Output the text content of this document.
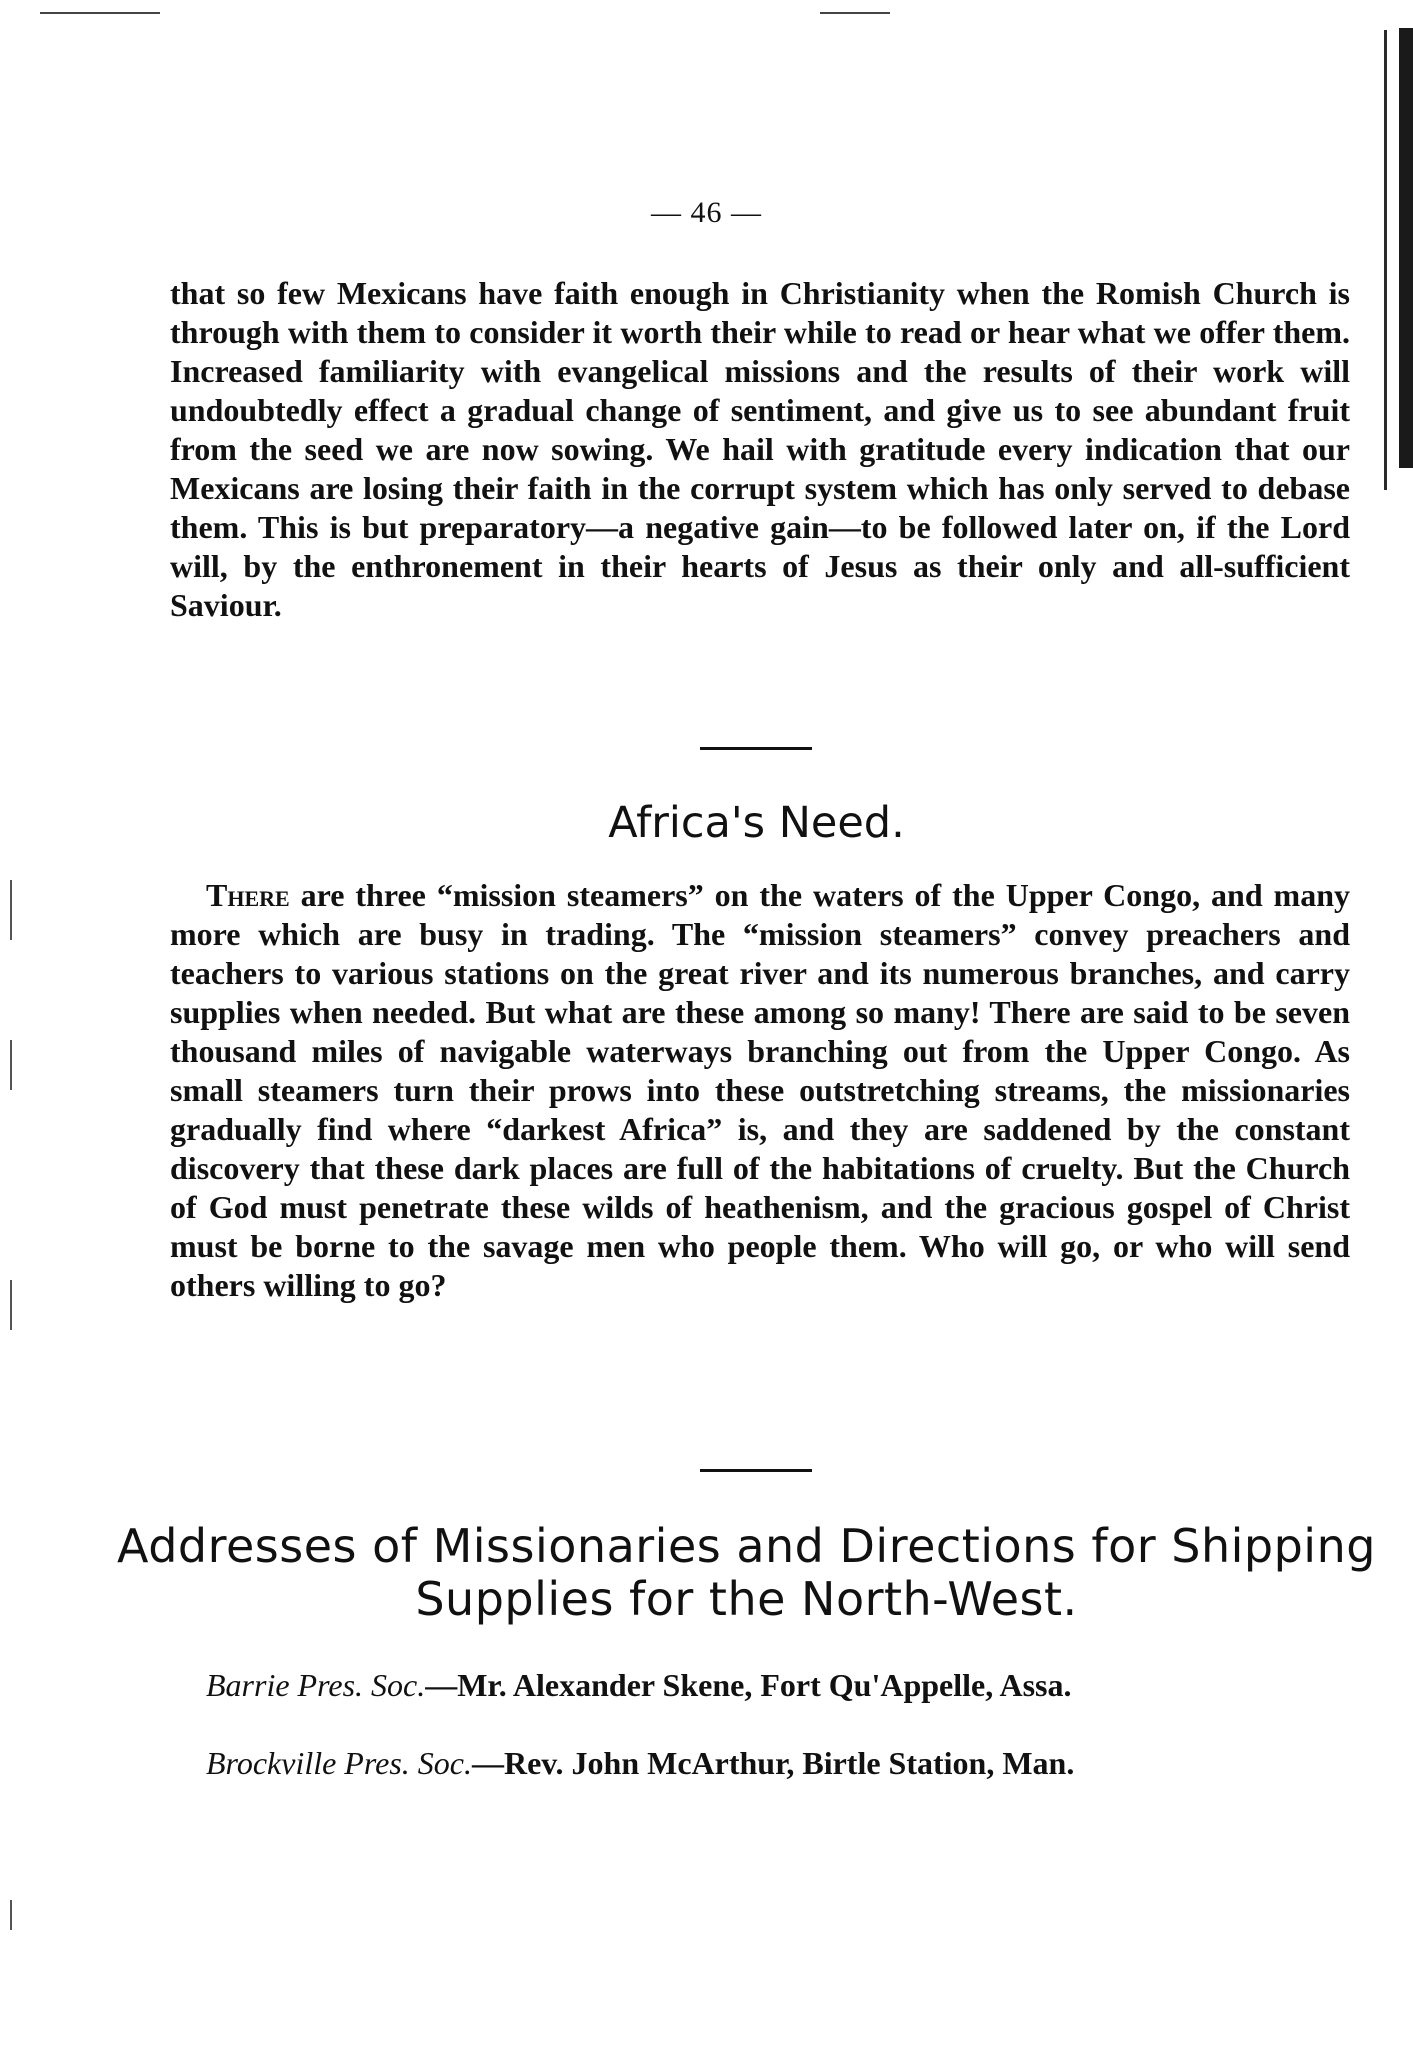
— 46 —

that so few Mexicans have faith enough in Christianity when the Romish Church is through with them to consider it worth their while to read or hear what we offer them. Increased familiarity with evangelical missions and the results of their work will undoubtedly effect a gradual change of sentiment, and give us to see abundant fruit from the seed we are now sowing. We hail with gratitude every indication that our Mexicans are losing their faith in the corrupt system which has only served to debase them. This is but preparatory—a negative gain—to be followed later on, if the Lord will, by the enthronement in their hearts of Jesus as their only and all-sufficient Saviour.

Africa's Need.

There are three “mission steamers” on the waters of the Upper Congo, and many more which are busy in trading. The “mission steamers” convey preachers and teachers to various stations on the great river and its numerous branches, and carry supplies when needed. But what are these among so many! There are said to be seven thousand miles of navigable waterways branching out from the Upper Congo. As small steamers turn their prows into these outstretching streams, the missionaries gradually find where “darkest Africa” is, and they are saddened by the constant discovery that these dark places are full of the habitations of cruelty. But the Church of God must penetrate these wilds of heathenism, and the gracious gospel of Christ must be borne to the savage men who people them. Who will go, or who will send others willing to go?

Addresses of Missionaries and Directions for Shipping Supplies for the North-West.

Barrie Pres. Soc.—Mr. Alexander Skene, Fort Qu'Appelle, Assa.

Brockville Pres. Soc.—Rev. John McArthur, Birtle Station, Man.
